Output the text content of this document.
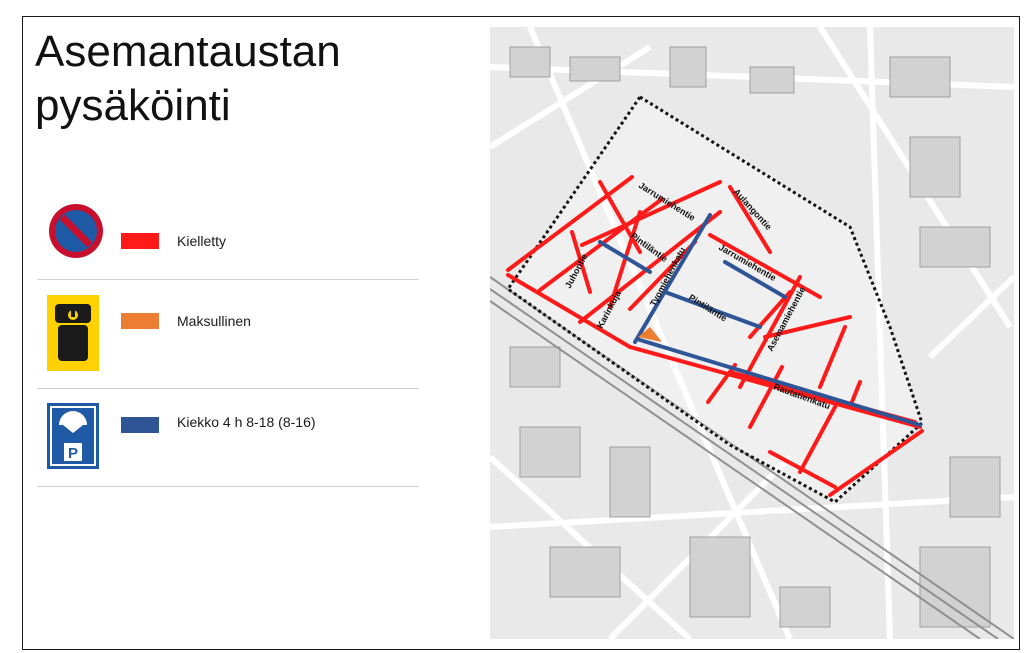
Asemantaustan
pysäköinti
Kielletty
Maksullinen
P
Kiekko 4 h 8-18 (8-16)
Jarrumiehentie	Aulangontie
Pintiläntie
Tyomiehenkatu	Jarrumiehentie
Juhontie
Karinkuja	Pintiläntie	Asemamiehentie
Rautatienkatu
